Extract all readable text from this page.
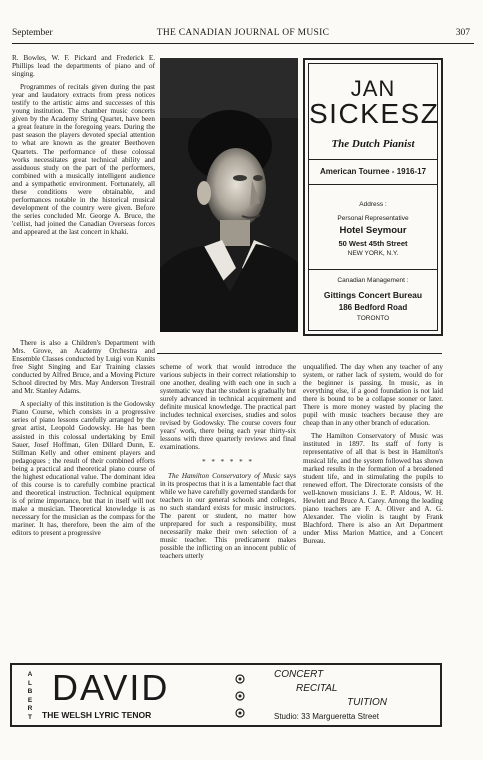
September	THE CANADIAN JOURNAL OF MUSIC	307

R. Bowles, W. F. Pickard and Frederick E. Phillips lead the departments of piano and of singing.

Programmes of recitals given during the past year and laudatory extracts from press notices testify to the artistic aims and successes of this young institution. The chamber music concerts given by the Academy String Quartet, have been a great feature in the foregoing years. During the past season the players devoted special attention to what are known as the greater Beethoven Quartets. The performance of these colossal works necessitates great technical ability and assiduous study on the part of the performers, combined with a musically intelligent audience and a sympathetic environment. Fortunately, all these conditions were obtainable, and performances notable in the historical musical development of the country were given. Before the series concluded Mr. George A. Bruce, the 'cellist, had joined the Canadian Overseas forces and appeared at the last concert in khaki.

JAN
SICKESZ
The Dutch Pianist
American Tournee - 1916-17
Address :
Personal Representative
Hotel Seymour
50 West 45th Street
NEW YORK, N.Y.
Canadian Management :
Gittings Concert Bureau
186 Bedford Road
TORONTO

There is also a Children's Department with Mrs. Grove, an Academy Orchestra and Ensemble Classes conducted by Luigi von Kunits free Sight Singing and Ear Training classes conducted by Alfred Bruce, and a Moving Picture School directed by Mrs. May Anderson Trestrail and Mr. Stanley Adams.

A specialty of this institution is the Godowsky Piano Course, which consists in a progressive series of piano lessons carefully arranged by the great artist, Leopold Godowsky. He has been assisted in this colossal undertaking by Emil Sauer, Josef Hoffman, Glen Dillard Dunn, E. Stillman Kelly and other eminent players and pedagogues ; the result of their combined efforts being a practical and theoretical piano course of the highest educational value. The dominant idea of this course is to carefully combine practical and theoretical instruction. Technical equipment is of prime importance, but that in itself will not make a musician. Theoretical knowledge is as necessary for the musician as the compass for the mariner. It has, therefore, been the aim of the editors to present a progressive

scheme of work that would introduce the various subjects in their correct relationship to one another, dealing with each one in such a systematic way that the student is gradually but surely advanced in technical acquirement and definite musical knowledge. The practical part includes technical exercises, studies and solos revised by Godowsky. The course covers four years' work, there being each year thirty-six lessons with three quarterly reviews and final examinations.

* * * * * *

The Hamilton Conservatory of Music says in its prospectus that it is a lamentable fact that while we have carefully governed standards for teachers in our general schools and colleges, no such standard exists for music instructors. The parent or student, no matter how unprepared for such a responsibility, must necessarily make their own selection of a music teacher. This predicament makes possible the inflicting on an innocent public of teachers utterly

unqualified. The day when any teacher of any system, or rather lack of system, would do for the beginner is passing. In music, as in everything else, if a good foundation is not laid there is bound to be a collapse sooner or later. There is more money wasted by placing the pupil with music teachers because they are cheap than in any other branch of education.

The Hamilton Conservatory of Music was instituted in 1897. Its staff of forty is representative of all that is best in Hamilton's musical life, and the system followed has shown marked results in the formation of a broadened student life, and in stimulating the pupils to renewed effort. The Directorate consists of the well-known musicians J. E. P. Aldous, W. H. Hewlett and Bruce A. Carey. Among the leading piano teachers are F. A. Oliver and A. G. Alexander. The violin is taught by Frank Blachford. There is also an Art Department under Miss Marion Mattice, and a Concert Bureau.

A
L
B
E
R
T
DAVID
THE WELSH LYRIC TENOR
CONCERT
RECITAL
TUITION
Studio: 33 Margueretta Street
